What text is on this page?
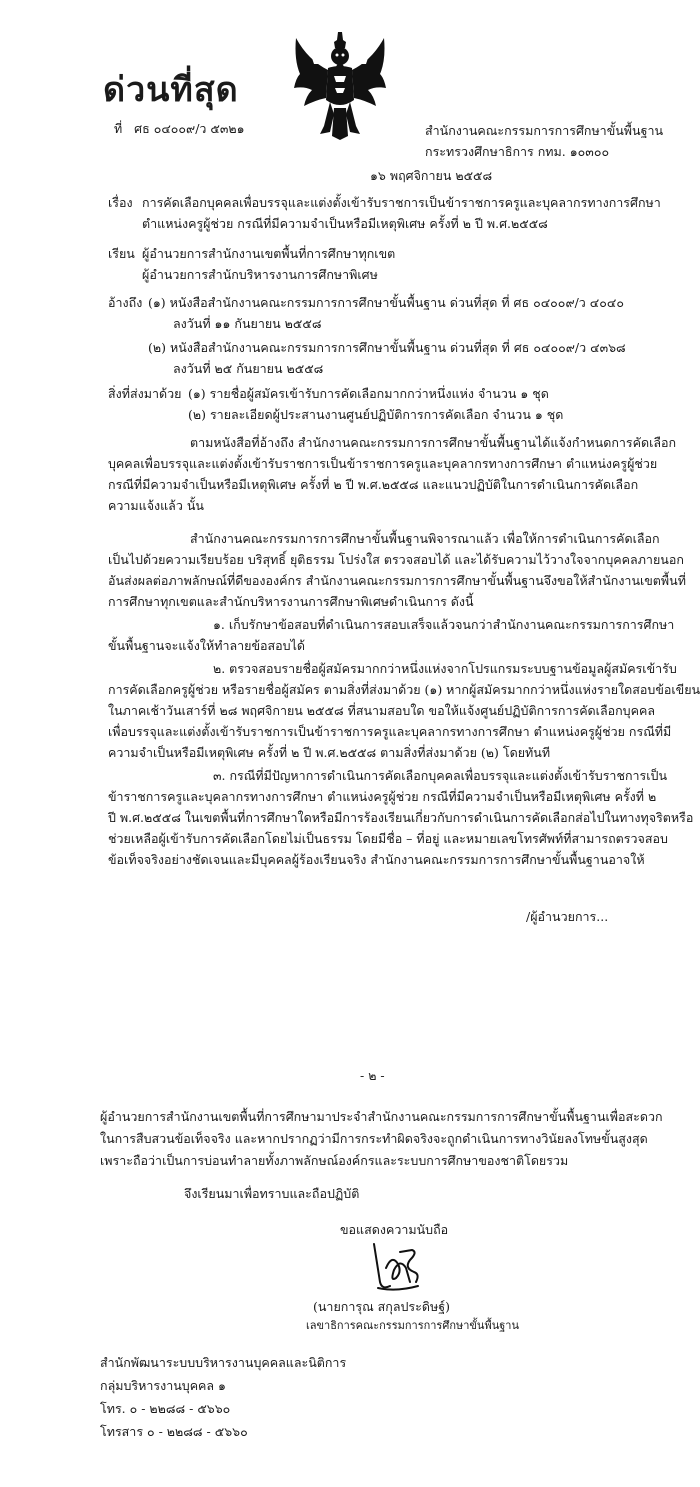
ด่วนที่สุด
ที่ ศธ ๐๔๐๐๙/ว ๕๓๒๑	สำนักงานคณะกรรมการการศึกษาขั้นพื้นฐาน
กระทรวงศึกษาธิการ กทม. ๑๐๓๐๐
๑๖ พฤศจิกายน ๒๕๕๘
เรื่อง การคัดเลือกบุคคลเพื่อบรรจุและแต่งตั้งเข้ารับราชการเป็นข้าราชการครูและบุคลากรทางการศึกษา
ตำแหน่งครูผู้ช่วย กรณีที่มีความจำเป็นหรือมีเหตุพิเศษ ครั้งที่ ๒ ปี พ.ศ.๒๕๕๘
เรียน ผู้อำนวยการสำนักงานเขตพื้นที่การศึกษาทุกเขต
ผู้อำนวยการสำนักบริหารงานการศึกษาพิเศษ
อ้างถึง (๑) หนังสือสำนักงานคณะกรรมการการศึกษาขั้นพื้นฐาน ด่วนที่สุด ที่ ศธ ๐๔๐๐๙/ว ๔๐๔๐
ลงวันที่ ๑๑ กันยายน ๒๕๕๘
(๒) หนังสือสำนักงานคณะกรรมการการศึกษาขั้นพื้นฐาน ด่วนที่สุด ที่ ศธ ๐๔๐๐๙/ว ๔๓๖๘
ลงวันที่ ๒๕ กันยายน ๒๕๕๘
สิ่งที่ส่งมาด้วย (๑) รายชื่อผู้สมัครเข้ารับการคัดเลือกมากกว่าหนึ่งแห่ง จำนวน ๑ ชุด
(๒) รายละเอียดผู้ประสานงานศูนย์ปฏิบัติการการคัดเลือก จำนวน ๑ ชุด
ตามหนังสือที่อ้างถึง สำนักงานคณะกรรมการการศึกษาขั้นพื้นฐานได้แจ้งกำหนดการคัดเลือก
บุคคลเพื่อบรรจุและแต่งตั้งเข้ารับราชการเป็นข้าราชการครูและบุคลากรทางการศึกษา ตำแหน่งครูผู้ช่วย
กรณีที่มีความจำเป็นหรือมีเหตุพิเศษ ครั้งที่ ๒ ปี พ.ศ.๒๕๕๘ และแนวปฏิบัติในการดำเนินการคัดเลือก
ความแจ้งแล้ว นั้น
สำนักงานคณะกรรมการการศึกษาขั้นพื้นฐานพิจารณาแล้ว เพื่อให้การดำเนินการคัดเลือก
เป็นไปด้วยความเรียบร้อย บริสุทธิ์ ยุติธรรม โปร่งใส ตรวจสอบได้ และได้รับความไว้วางใจจากบุคคลภายนอก
อันส่งผลต่อภาพลักษณ์ที่ดีขององค์กร สำนักงานคณะกรรมการการศึกษาขั้นพื้นฐานจึงขอให้สำนักงานเขตพื้นที่
การศึกษาทุกเขตและสำนักบริหารงานการศึกษาพิเศษดำเนินการ ดังนี้
๑. เก็บรักษาข้อสอบที่ดำเนินการสอบเสร็จแล้วจนกว่าสำนักงานคณะกรรมการการศึกษา
ขั้นพื้นฐานจะแจ้งให้ทำลายข้อสอบได้
๒. ตรวจสอบรายชื่อผู้สมัครมากกว่าหนึ่งแห่งจากโปรแกรมระบบฐานข้อมูลผู้สมัครเข้ารับ
การคัดเลือกครูผู้ช่วย หรือรายชื่อผู้สมัคร ตามสิ่งที่ส่งมาด้วย (๑) หากผู้สมัครมากกว่าหนึ่งแห่งรายใดสอบข้อเขียน
ในภาคเช้าวันเสาร์ที่ ๒๘ พฤศจิกายน ๒๕๕๘ ที่สนามสอบใด ขอให้แจ้งศูนย์ปฏิบัติการการคัดเลือกบุคคล
เพื่อบรรจุและแต่งตั้งเข้ารับราชการเป็นข้าราชการครูและบุคลากรทางการศึกษา ตำแหน่งครูผู้ช่วย กรณีที่มี
ความจำเป็นหรือมีเหตุพิเศษ ครั้งที่ ๒ ปี พ.ศ.๒๕๕๘ ตามสิ่งที่ส่งมาด้วย (๒) โดยทันที
๓. กรณีที่มีปัญหาการดำเนินการคัดเลือกบุคคลเพื่อบรรจุและแต่งตั้งเข้ารับราชการเป็น
ข้าราชการครูและบุคลากรทางการศึกษา ตำแหน่งครูผู้ช่วย กรณีที่มีความจำเป็นหรือมีเหตุพิเศษ ครั้งที่ ๒
ปี พ.ศ.๒๕๕๘ ในเขตพื้นที่การศึกษาใดหรือมีการร้องเรียนเกี่ยวกับการดำเนินการคัดเลือกส่อไปในทางทุจริตหรือ
ช่วยเหลือผู้เข้ารับการคัดเลือกโดยไม่เป็นธรรม โดยมีชื่อ – ที่อยู่ และหมายเลขโทรศัพท์ที่สามารถตรวจสอบ
ข้อเท็จจริงอย่างชัดเจนและมีบุคคลผู้ร้องเรียนจริง สำนักงานคณะกรรมการการศึกษาขั้นพื้นฐานอาจให้
/ผู้อำนวยการ...
- ๒ -
ผู้อำนวยการสำนักงานเขตพื้นที่การศึกษามาประจำสำนักงานคณะกรรมการการศึกษาขั้นพื้นฐานเพื่อสะดวก
ในการสืบสวนข้อเท็จจริง และหากปรากฏว่ามีการกระทำผิดจริงจะถูกดำเนินการทางวินัยลงโทษขั้นสูงสุด
เพราะถือว่าเป็นการบ่อนทำลายทั้งภาพลักษณ์องค์กรและระบบการศึกษาของชาติโดยรวม
จึงเรียนมาเพื่อทราบและถือปฏิบัติ
ขอแสดงความนับถือ
(นายการุณ สกุลประดิษฐ์)
เลขาธิการคณะกรรมการการศึกษาขั้นพื้นฐาน
สำนักพัฒนาระบบบริหารงานบุคคลและนิติการ
กลุ่มบริหารงานบุคคล ๑
โทร. ๐ - ๒๒๘๘ - ๕๖๖๐
โทรสาร ๐ - ๒๒๘๘ - ๕๖๖๐
